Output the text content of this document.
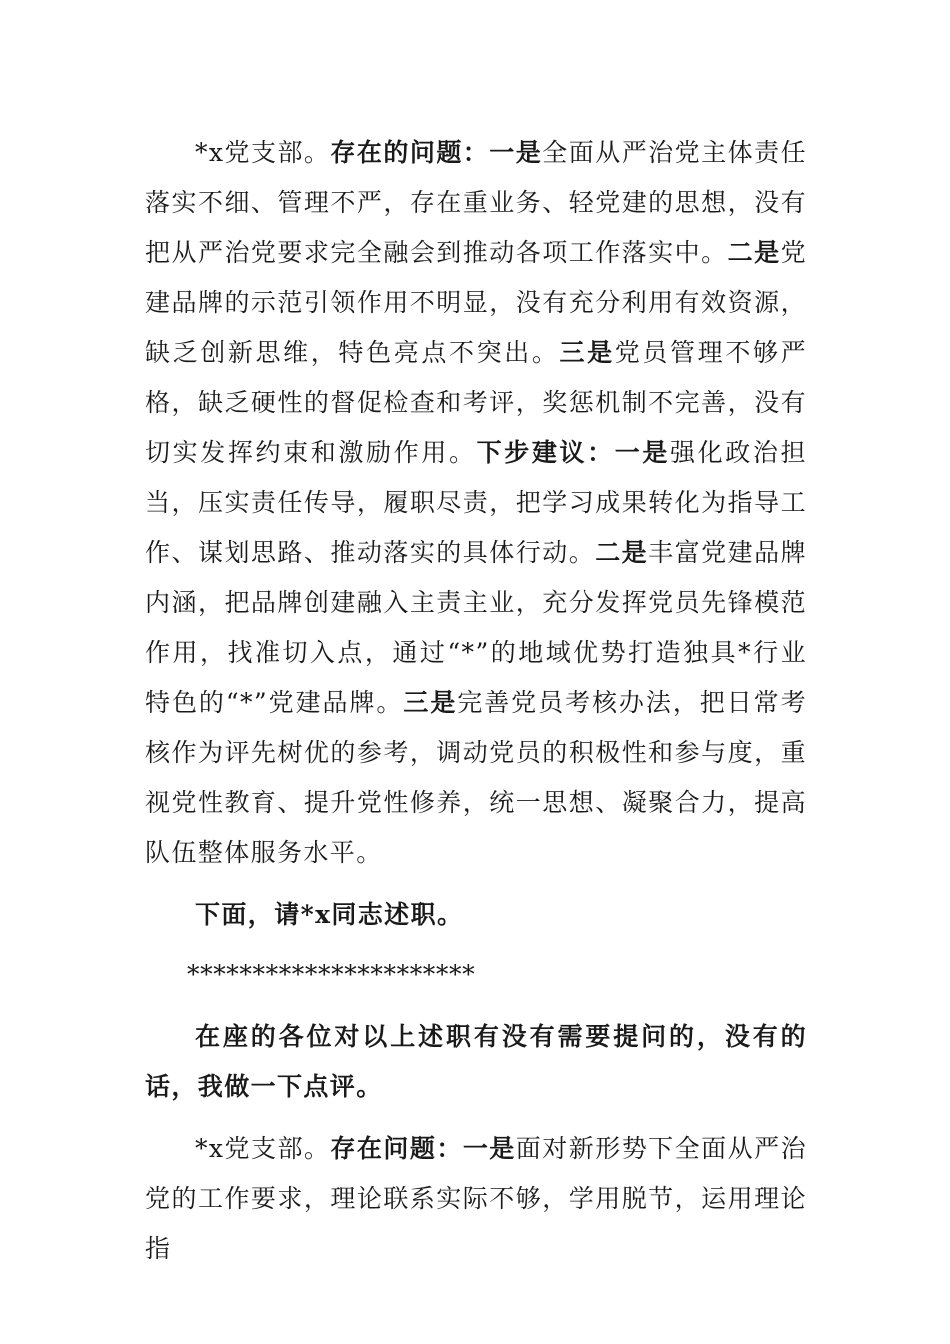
*x党支部。存在的问题：一是全面从严治党主体责任落实不细、管理不严，存在重业务、轻党建的思想，没有把从严治党要求完全融会到推动各项工作落实中。二是党建品牌的示范引领作用不明显，没有充分利用有效资源，缺乏创新思维，特色亮点不突出。三是党员管理不够严格，缺乏硬性的督促检查和考评，奖惩机制不完善，没有切实发挥约束和激励作用。下步建议：一是强化政治担当，压实责任传导，履职尽责，把学习成果转化为指导工作、谋划思路、推动落实的具体行动。二是丰富党建品牌内涵，把品牌创建融入主责主业，充分发挥党员先锋模范作用，找准切入点，通过“*”的地域优势打造独具*行业特色的“*”党建品牌。三是完善党员考核办法，把日常考核作为评先树优的参考，调动党员的积极性和参与度，重视党性教育、提升党性修养，统一思想、凝聚合力，提高队伍整体服务水平。

下面，请*x同志述职。

**********************

在座的各位对以上述职有没有需要提问的，没有的话，我做一下点评。

*x党支部。存在问题：一是面对新形势下全面从严治党的工作要求，理论联系实际不够，学用脱节，运用理论指
